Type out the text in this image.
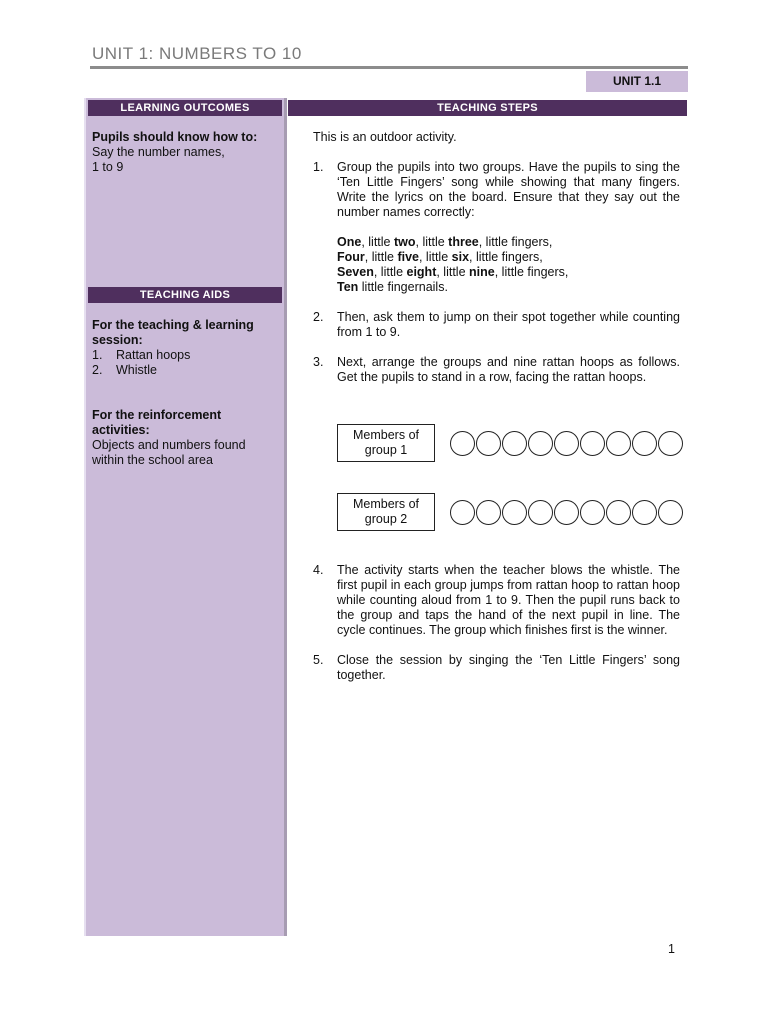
UNIT 1: NUMBERS TO 10
UNIT 1.1
LEARNING OUTCOMES	TEACHING STEPS
Pupils should know how to:
Say the number names,
1 to 9
TEACHING AIDS
For the teaching & learning
session:
1. Rattan hoops
2. Whistle
For the reinforcement
activities:
Objects and numbers found
within the school area

This is an outdoor activity.

1. Group the pupils into two groups. Have the pupils to sing the ‘Ten Little Fingers’ song while showing that many fingers. Write the lyrics on the board. Ensure that they say out the number names correctly:
One, little two, little three, little fingers,
Four, little five, little six, little fingers,
Seven, little eight, little nine, little fingers,
Ten little fingernails.
2. Then, ask them to jump on their spot together while counting from 1 to 9.
3. Next, arrange the groups and nine rattan hoops as follows. Get the pupils to stand in a row, facing the rattan hoops.
Members of
group 1
Members of
group 2
4. The activity starts when the teacher blows the whistle. The first pupil in each group jumps from rattan hoop to rattan hoop while counting aloud from 1 to 9. Then the pupil runs back to the group and taps the hand of the next pupil in line. The cycle continues. The group which finishes first is the winner.
5. Close the session by singing the ‘Ten Little Fingers’ song together.
1
